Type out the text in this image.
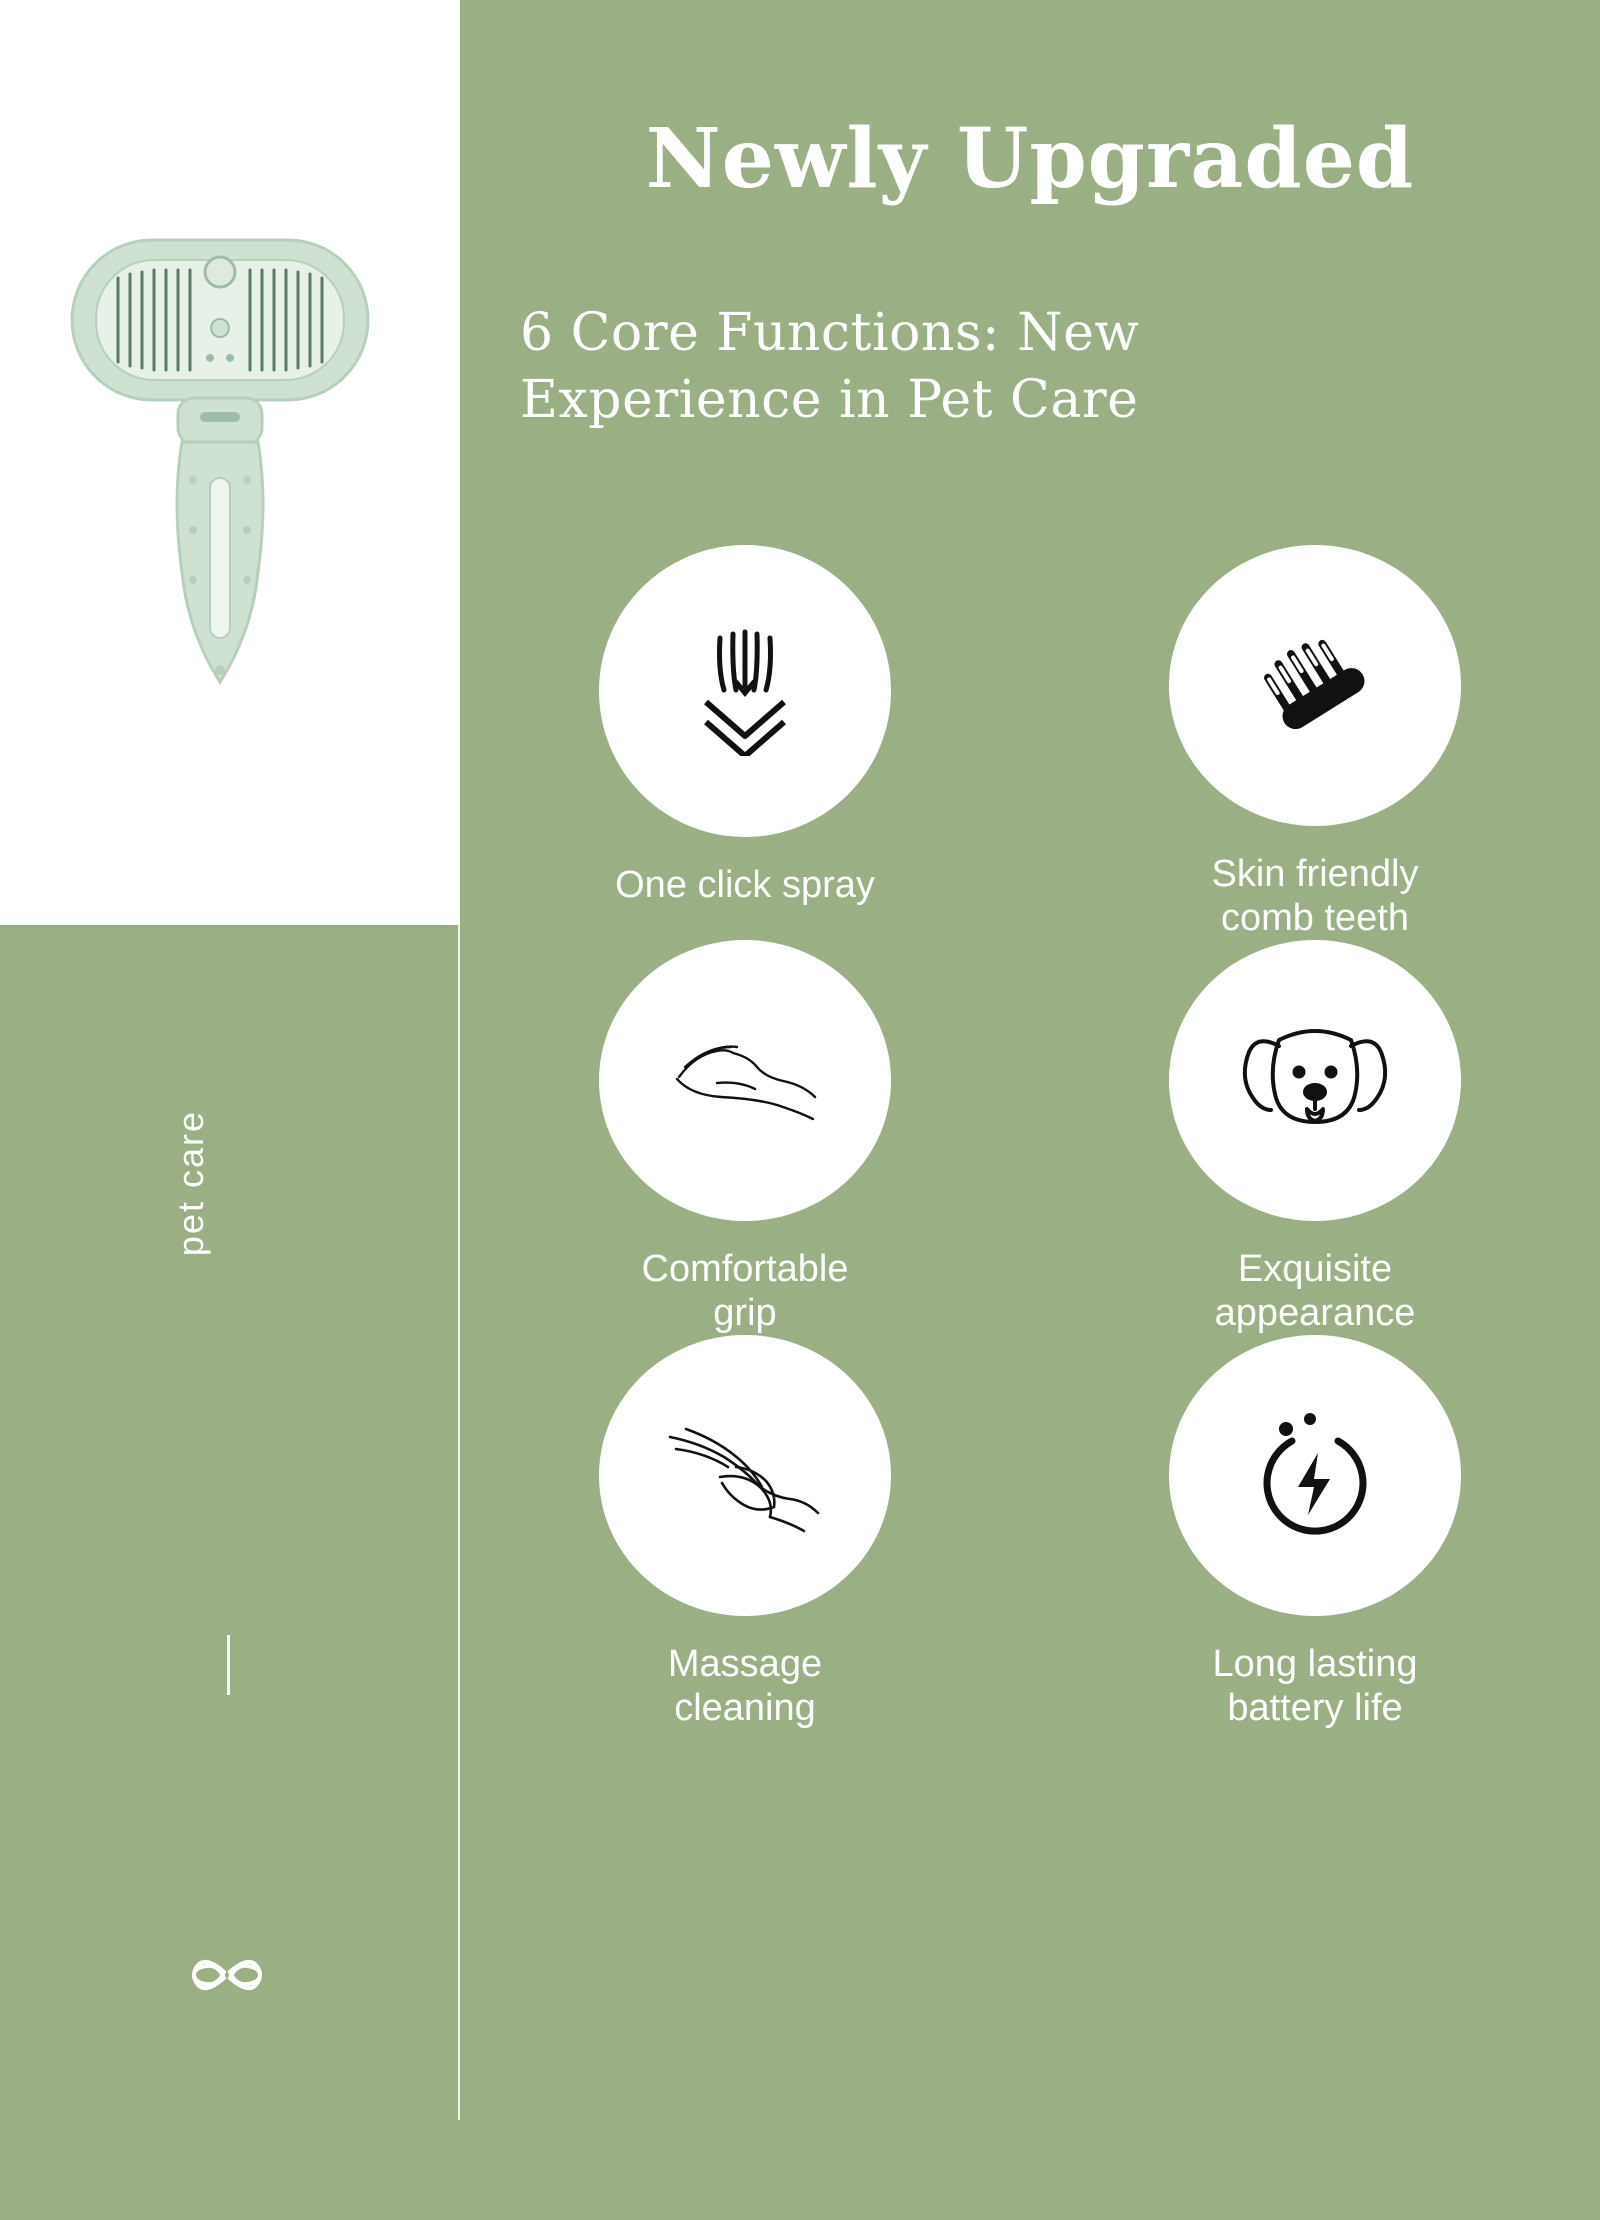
pet care
Newly Upgraded
6 Core Functions: New
Experience in Pet Care
One click spray	Skin friendly
comb teeth
Comfortable
grip
Exquisite
appearance
Massage
cleaning
Long lasting
battery life
